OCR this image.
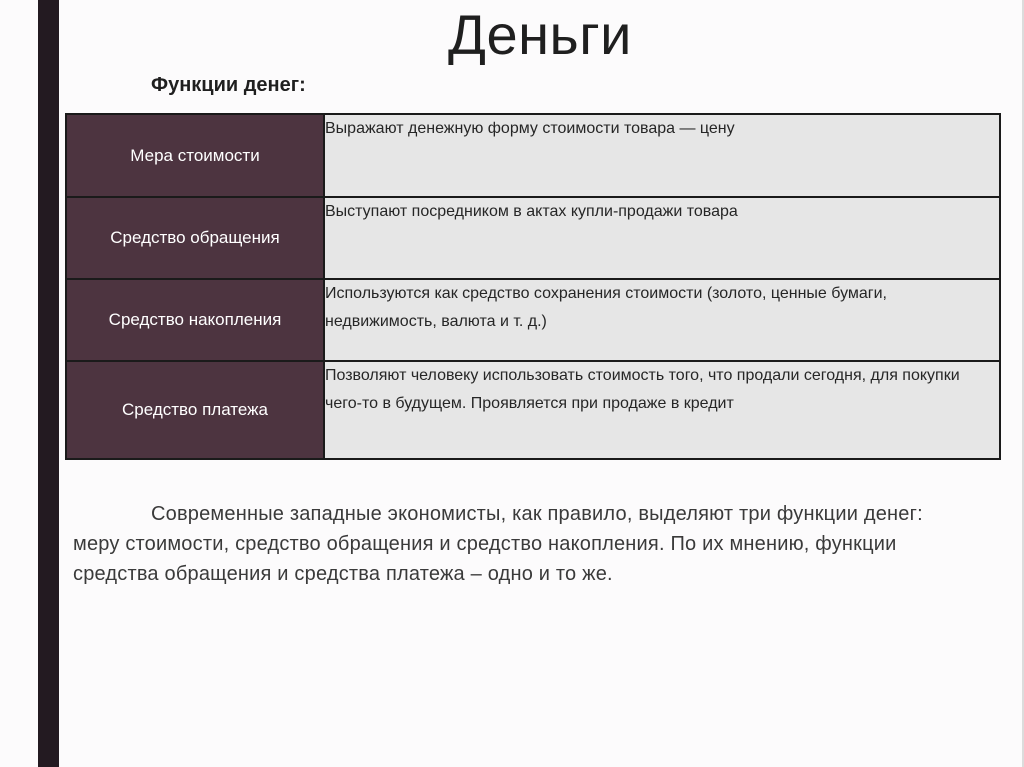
Деньги
Функции денег:
Мера стоимости	Выражают денежную форму стоимости товара — цену
Средство обращения	Выступают посредником в актах купли-продажи товара
Средство накопления	Используются как средство сохранения стоимости (золото, ценные бумаги, недвижимость, валюта и т. д.)
Средство платежа	Позволяют человеку использовать стоимость того, что продали сегодня, для покупки чего-то в будущем. Проявляется при продаже в кредит
Современные западные экономисты, как правило, выделяют три функции денег: меру стоимости, средство обращения и средство накопления. По их мнению, функции средства обращения и средства платежа – одно и то же.
